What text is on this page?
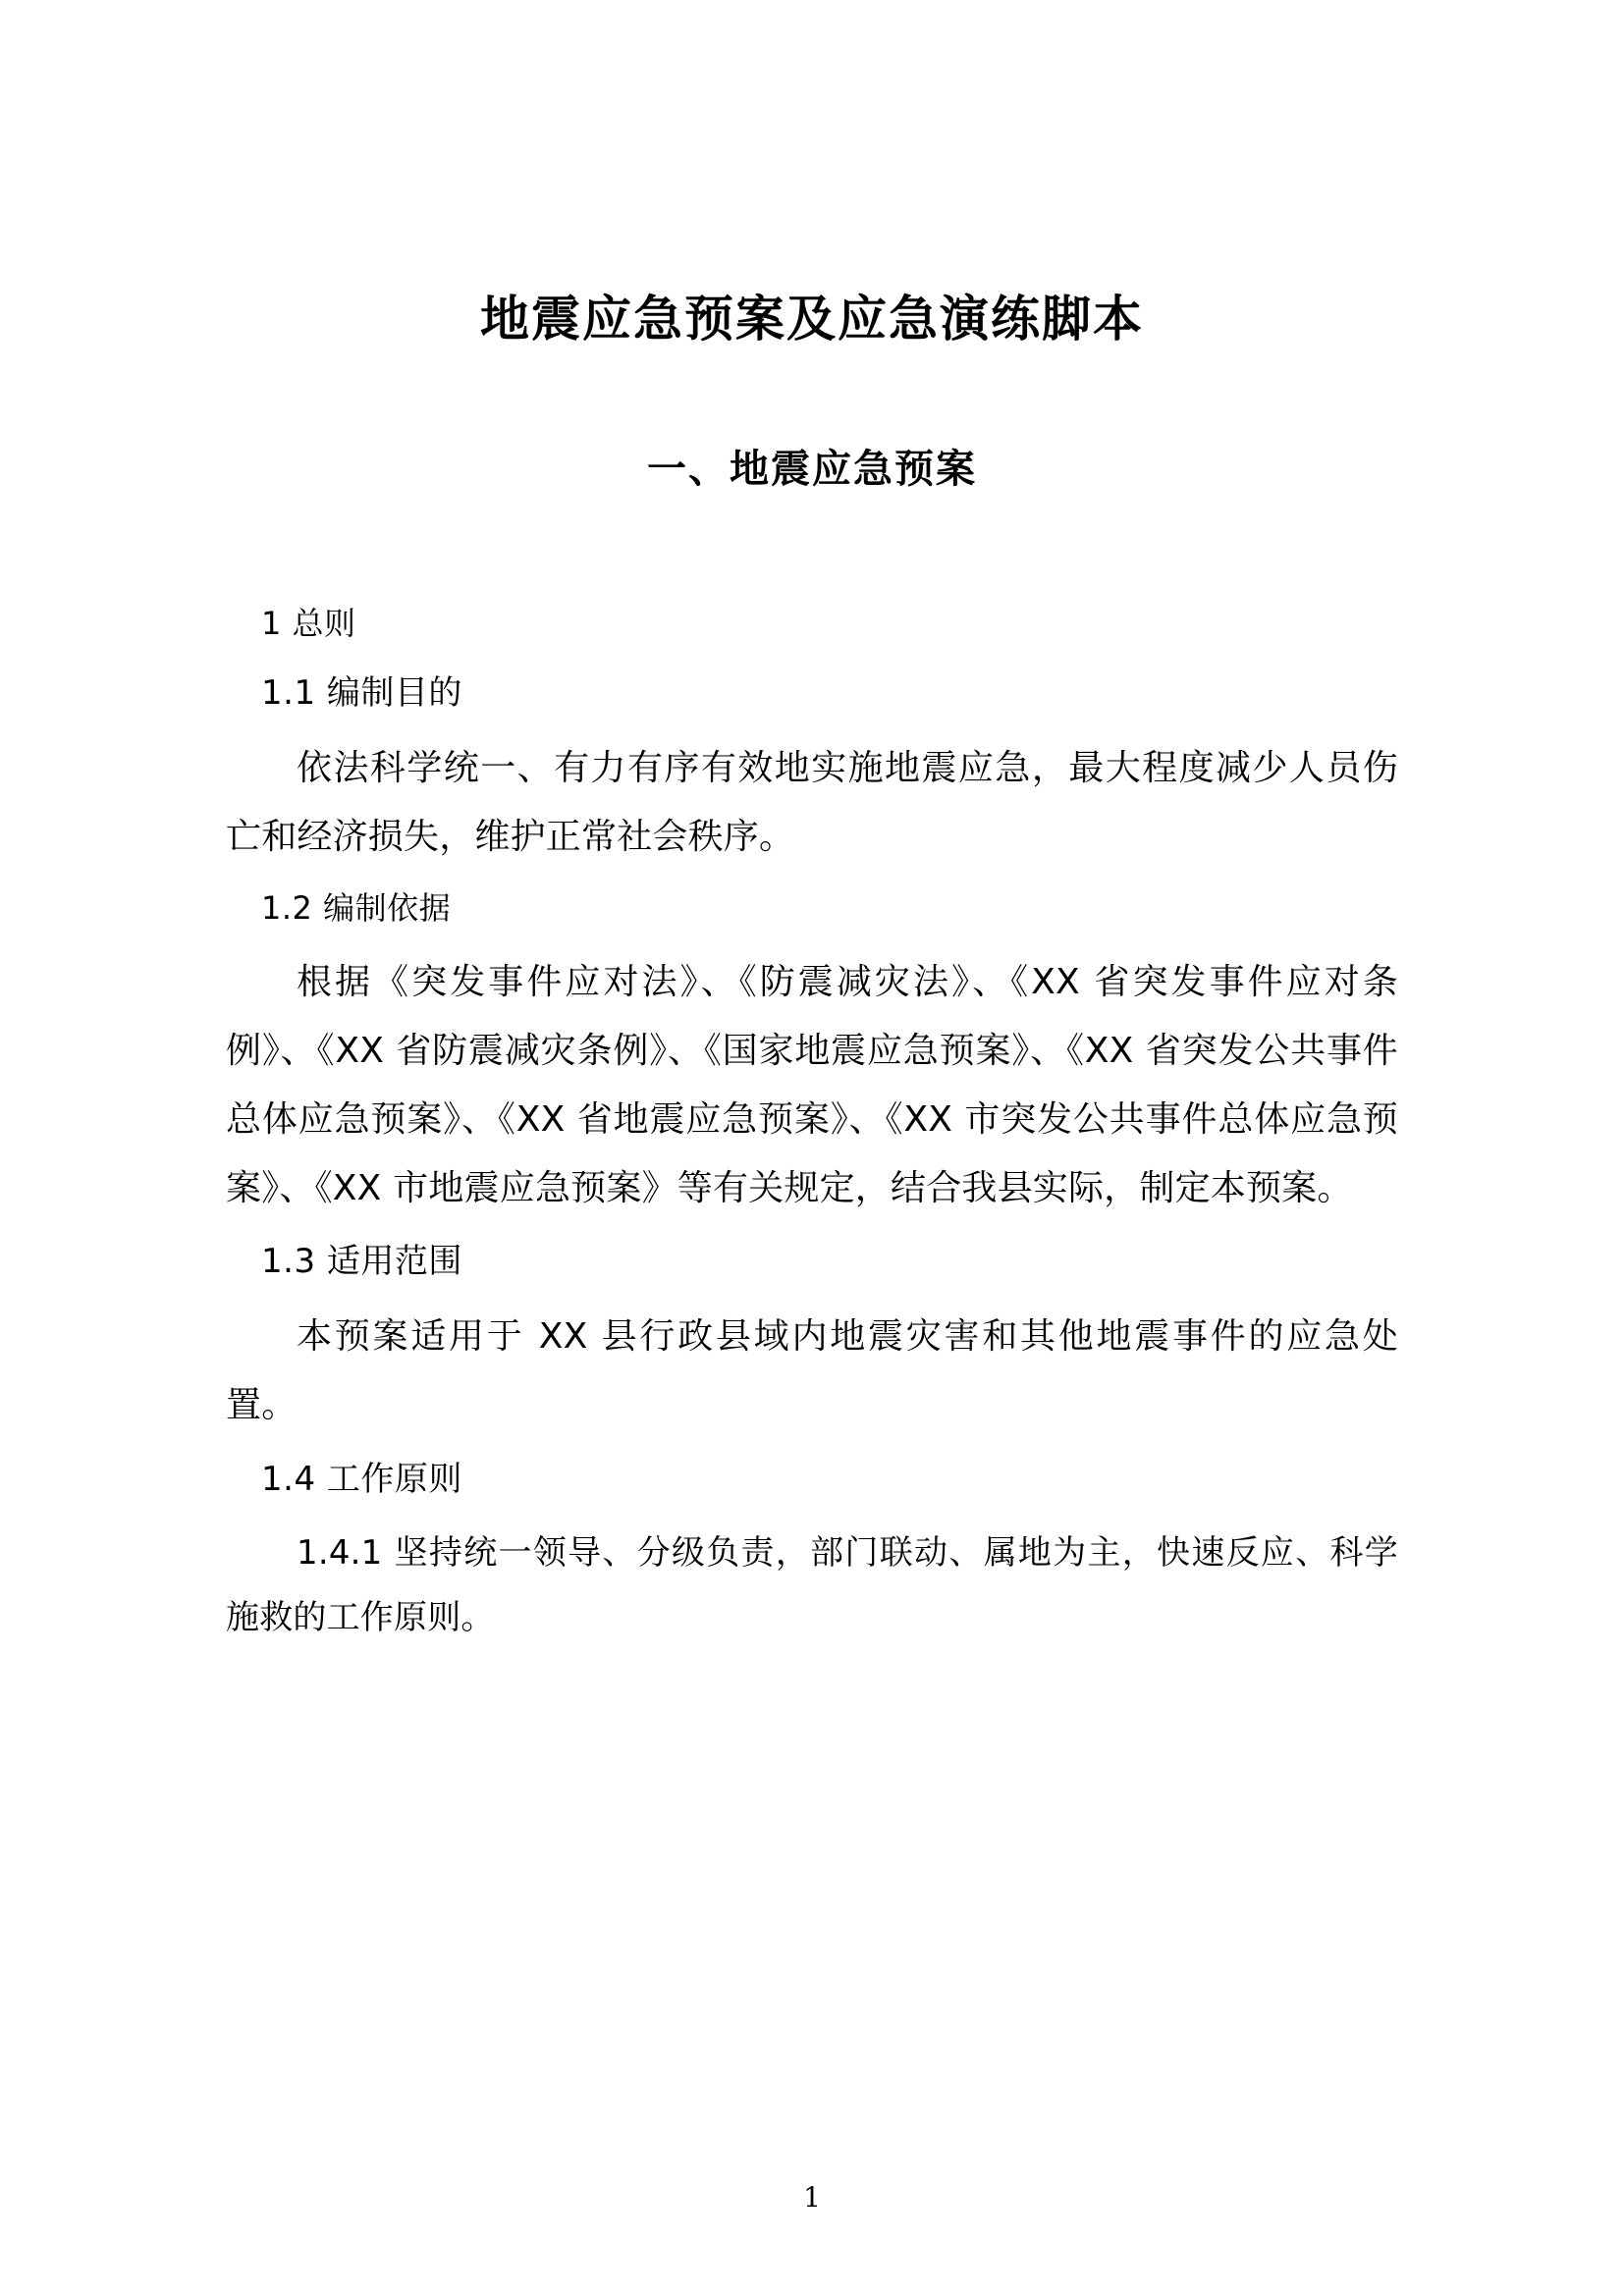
地震应急预案及应急演练脚本
一、地震应急预案
1 总则
1.1 编制目的

依法科学统一、有力有序有效地实施地震应急，最大程度减少人员伤亡和经济损失，维护正常社会秩序。

1.2 编制依据

根据《突发事件应对法》、《防震减灾法》、《XX 省突发事件应对条例》、《XX 省防震减灾条例》、《国家地震应急预案》、《XX 省突发公共事件总体应急预案》、《XX 省地震应急预案》、《XX 市突发公共事件总体应急预案》、《XX 市地震应急预案》等有关规定，结合我县实际，制定本预案。

1.3 适用范围

本预案适用于 XX 县行政县域内地震灾害和其他地震事件的应急处置。

1.4 工作原则

1.4.1 坚持统一领导、分级负责，部门联动、属地为主，快速反应、科学施救的工作原则。

1
